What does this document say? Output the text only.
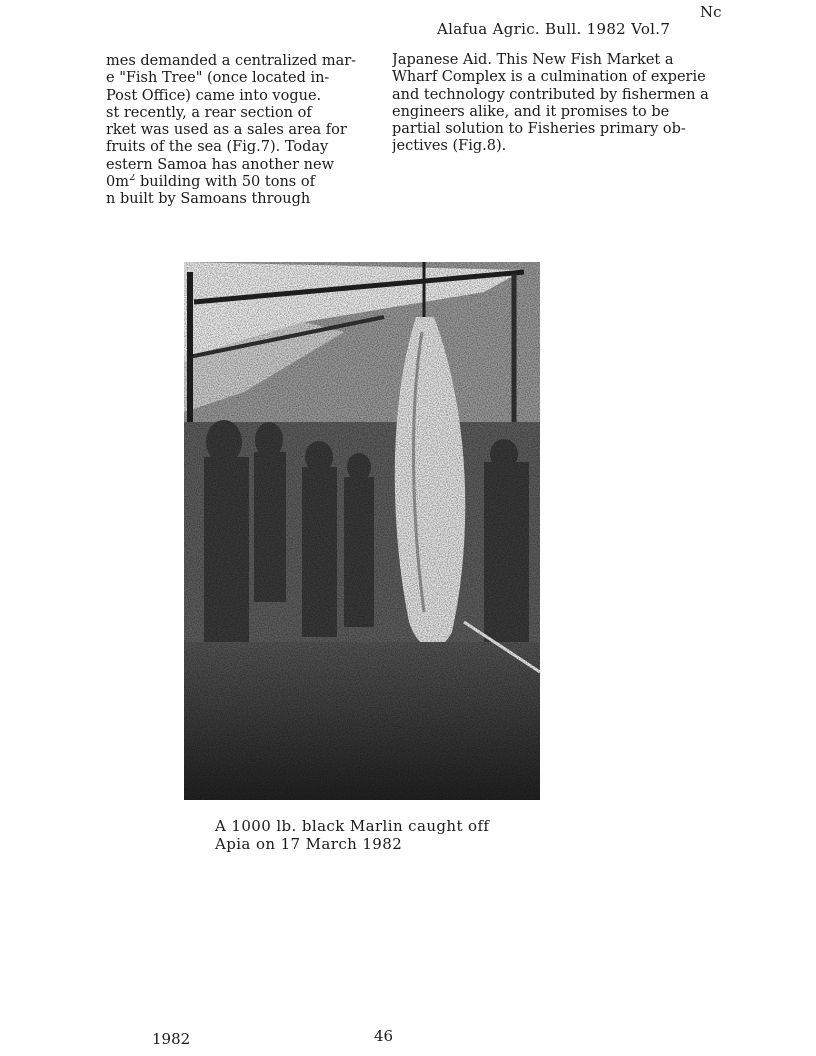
Nc
Alafua Agric. Bull. 1982 Vol.7
mes demanded a centralized mar-
e "Fish Tree" (once located in-
Post Office) came into vogue.
st recently, a rear section of
rket was used as a sales area for
fruits of the sea (Fig.7). Today
estern Samoa has another new
$0m^2$ building with 50 tons of
n built by Samoans through
Japanese Aid. This New Fish Market a
Wharf Complex is a culmination of experie
and technology contributed by fishermen a
engineers alike, and it promises to be
partial solution to Fisheries primary ob-
jectives (Fig.8).
A 1000 lb. black Marlin caught off
Apia on 17 March 1982
1982	46
